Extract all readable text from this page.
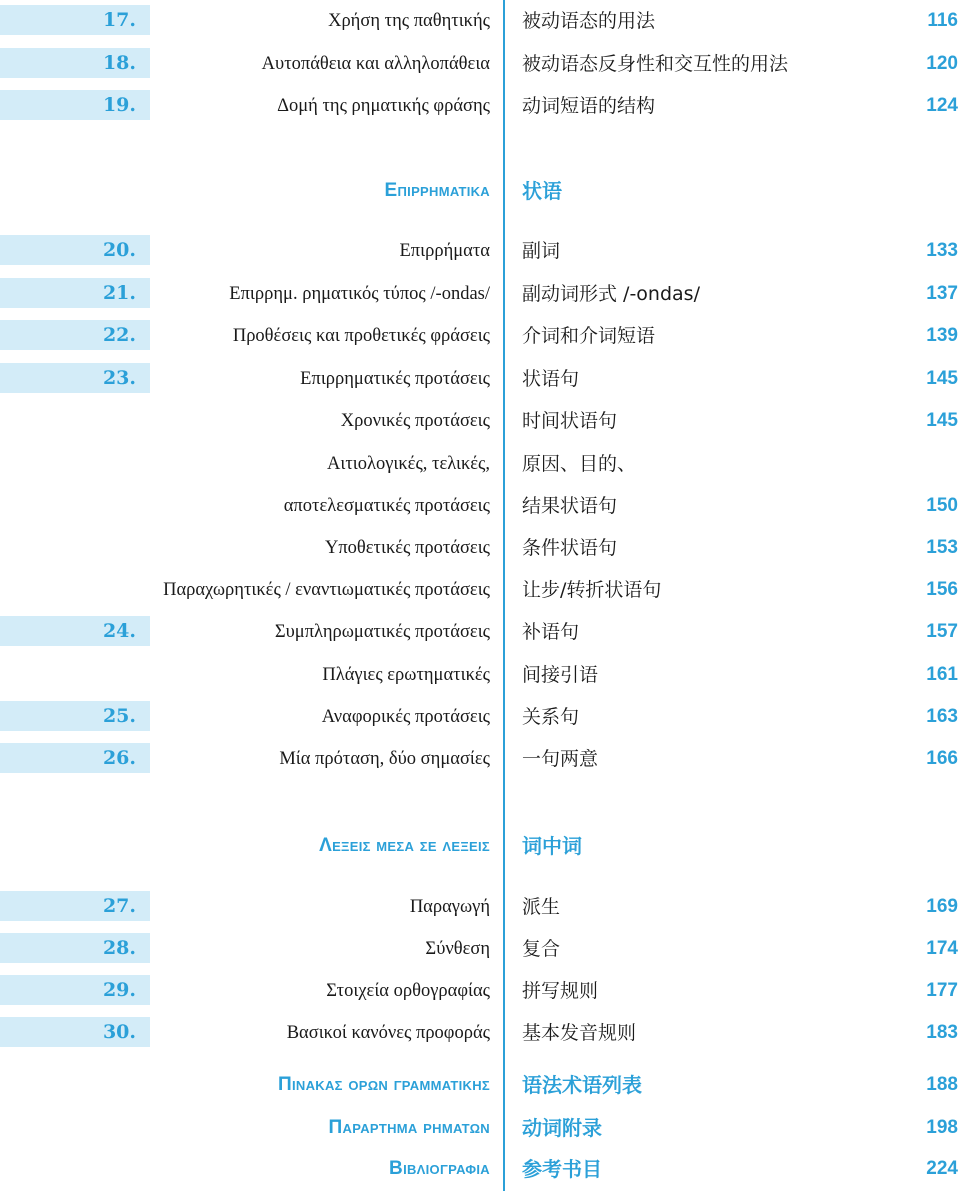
17.	Χρήση της παθητικής 被动语态的用法	116
18.	Αυτοπάθεια και αλληλοπάθεια 被动语态反身性和交互性的用法	120
19.	Δομή της ρηματικής φράσης 动词短语的结构	124
Επιρρηματικα 状语
20.	Επιρρήματα 副词	133
21.	Επιρρημ. ρηματικός τύπος /-ondas/ 副动词形式 /-ondas/	137
22.	Προθέσεις και προθετικές φράσεις 介词和介词短语	139
23.	Επιρρηματικές προτάσεις 状语句	145
Χρονικές προτάσεις 时间状语句	145
Αιτιολογικές, τελικές, 原因、目的、
αποτελεσματικές προτάσεις 结果状语句	150
Υποθετικές προτάσεις 条件状语句	153
Παραχωρητικές / εναντιωματικές προτάσεις 让步/转折状语句	156
24.	Συμπληρωματικές προτάσεις 补语句	157
Πλάγιες ερωτηματικές 间接引语	161
25.	Αναφορικές προτάσεις 关系句	163
26.	Μία πρόταση, δύο σημασίες 一句两意	166
Λεξεις μεσα σε λεξεις 词中词
27.	Παραγωγή 派生	169
28.	Σύνθεση 复合	174
29.	Στοιχεία ορθογραφίας 拼写规则	177
30.	Βασικοί κανόνες προφοράς 基本发音规则	183
Πινακας ορων γραμματικης 语法术语列表	188
Παραρτημα ρηματων 动词附录	198
Βιβλιογραφια 参考书目	224
